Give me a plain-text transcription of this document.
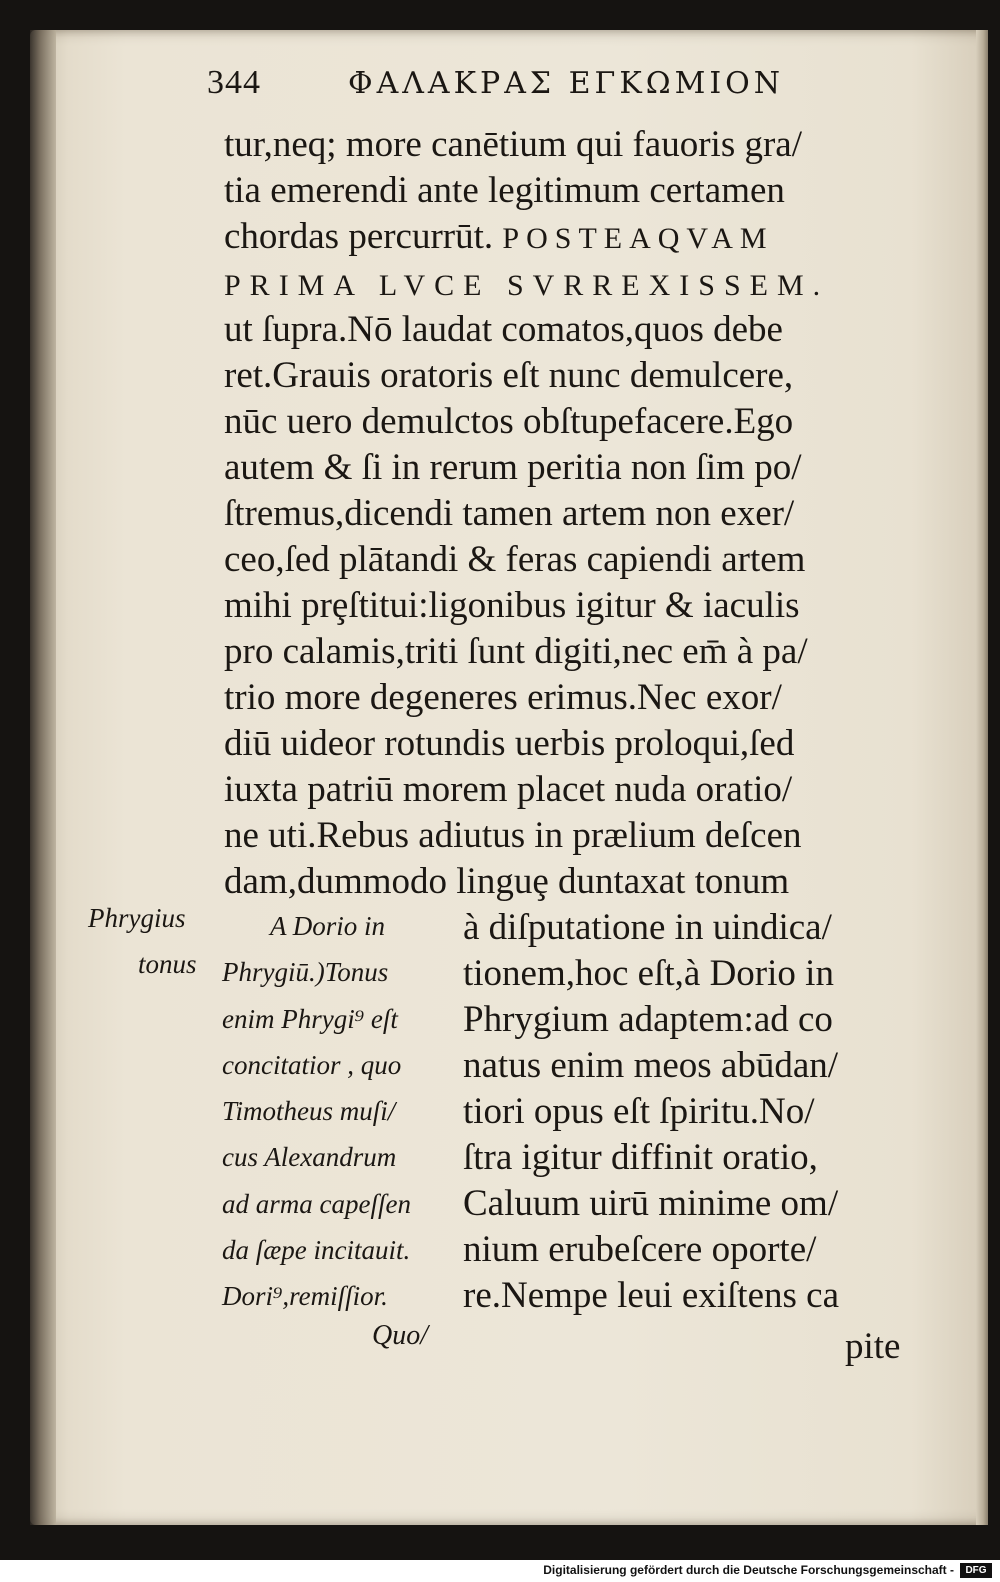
344	ΦΑΛΑΚΡΑΣ ΕΓΚΩΜΙΟΝ
tur,neq; more canētium qui fauoris gra/
tia emerendi ante legitimum certamen
chordas percurrūt. POSTEAQVAM
PRIMA LVCE SVRREXISSEM.
ut ſupra.Nō laudat comatos,quos debe
ret.Grauis oratoris eſt nunc demulcere,
nūc uero demulctos obſtupefacere.Ego
autem & ſi in rerum peritia non ſim po/
ſtremus,dicendi tamen artem non exer/
ceo,ſed plātandi & feras capiendi artem
mihi prȩſtitui:ligonibus igitur & iaculis
pro calamis,triti ſunt digiti,nec em̄ à pa/
trio more degeneres erimus.Nec exor/
diū uideor rotundis uerbis proloqui,ſed
iuxta patriū morem placet nuda oratio/
ne uti.Rebus adiutus in prælium deſcen
dam,dummodo linguȩ duntaxat tonum
Phrygius
tonus
A Dorio in
Phrygiū.)Tonus
enim Phrygi⁹ eſt
concitatior , quo
Timotheus muſi/
cus Alexandrum
ad arma capeſſen
da ſæpe incitauit.
Dori⁹,remiſſior.
à diſputatione in uindica/
tionem,hoc eſt,à Dorio in
Phrygium adaptem:ad co
natus enim meos abūdan/
tiori opus eſt ſpiritu.No/
ſtra igitur diffinit oratio,
Caluum uirū minime om/
nium erubeſcere oporte/
re.Nempe leui exiſtens ca
Quo/	pite
Digitalisierung gefördert durch die Deutsche Forschungsgemeinschaft -	DFG
